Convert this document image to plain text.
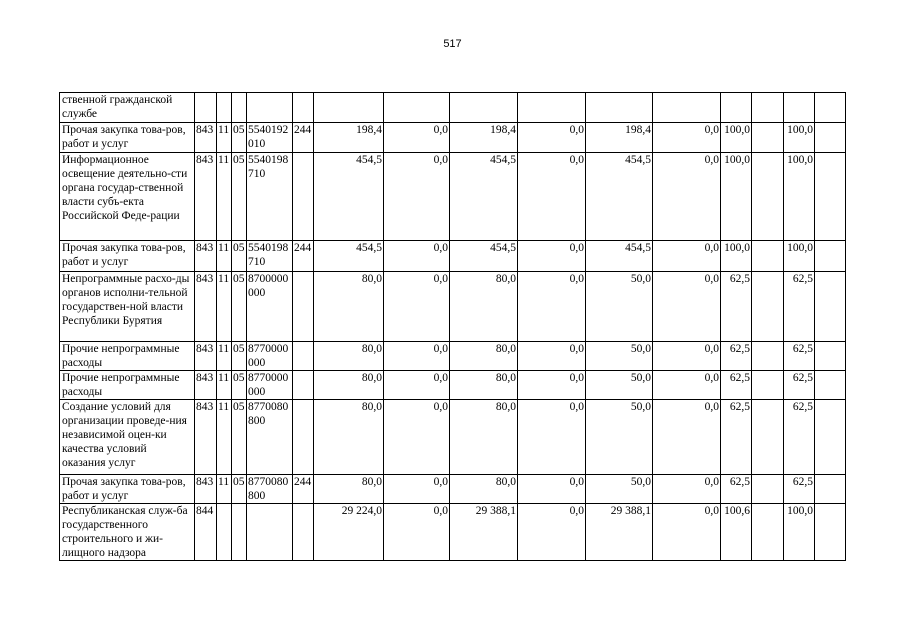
517
ственной гражданской службе															
Прочая закупка това-ров, работ и услуг	843	11	05	5540192010	244	198,4	0,0	198,4	0,0	198,4	0,0	100,0		100,0	
Информационное освещение деятельно-сти органа государ-ственной власти субъ-екта Российской Феде-рации	843	11	05	5540198710		454,5	0,0	454,5	0,0	454,5	0,0	100,0		100,0	
Прочая закупка това-ров, работ и услуг	843	11	05	5540198710	244	454,5	0,0	454,5	0,0	454,5	0,0	100,0		100,0	
Непрограммные расхо-ды органов исполни-тельной государствен-ной власти Республики Бурятия	843	11	05	8700000000		80,0	0,0	80,0	0,0	50,0	0,0	62,5		62,5	
Прочие непрограммные расходы	843	11	05	8770000000		80,0	0,0	80,0	0,0	50,0	0,0	62,5		62,5	
Прочие непрограммные расходы	843	11	05	8770000000		80,0	0,0	80,0	0,0	50,0	0,0	62,5		62,5	
Создание условий для организации проведе-ния независимой оцен-ки качества условий оказания услуг	843	11	05	8770080800		80,0	0,0	80,0	0,0	50,0	0,0	62,5		62,5	
Прочая закупка това-ров, работ и услуг	843	11	05	8770080800	244	80,0	0,0	80,0	0,0	50,0	0,0	62,5		62,5	
Республиканская служ-ба государственного строительного и жи-лищного надзора	844					29 224,0	0,0	29 388,1	0,0	29 388,1	0,0	100,6		100,0	
